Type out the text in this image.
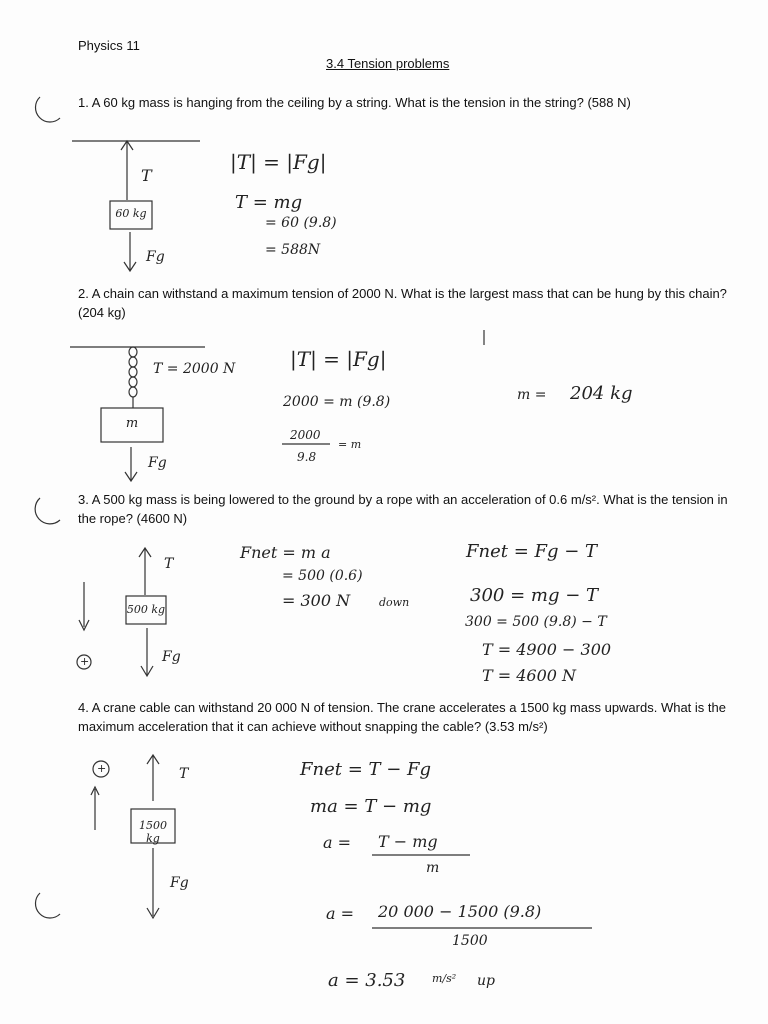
Physics 11
3.4 Tension problems
1. A 60 kg mass is hanging from the ceiling by a string. What is the tension in the string? (588 N)
T
60 kg
Fg
|T| = |Fg|
T = mg
= 60 (9.8)
= 588N
2. A chain can withstand a maximum tension of 2000 N. What is the largest mass that can be hung by this chain? (204 kg)
T = 2000 N
m
Fg
|T| = |Fg|
2000 = m (9.8)
2000
9.8
= m
m = 204 kg
3. A 500 kg mass is being lowered to the ground by a rope with an acceleration of 0.6 m/s². What is the tension in the rope? (4600 N)
T
500 kg
Fg
+
Fnet = m a
= 500 (0.6)
= 300 N	down
Fnet = Fg − T
300 = mg − T
300 = 500 (9.8) − T
T = 4900 − 300
T = 4600 N
4. A crane cable can withstand 20 000 N of tension. The crane accelerates a 1500 kg mass upwards. What is the maximum acceleration that it can achieve without snapping the cable? (3.53 m/s²)
T
1500 kg
Fg
+	Fnet = T − Fg
ma = T − mg
a = T − mg
m
a = 20 000 − 1500 (9.8)
1500
a = 3.53 m/s² up
